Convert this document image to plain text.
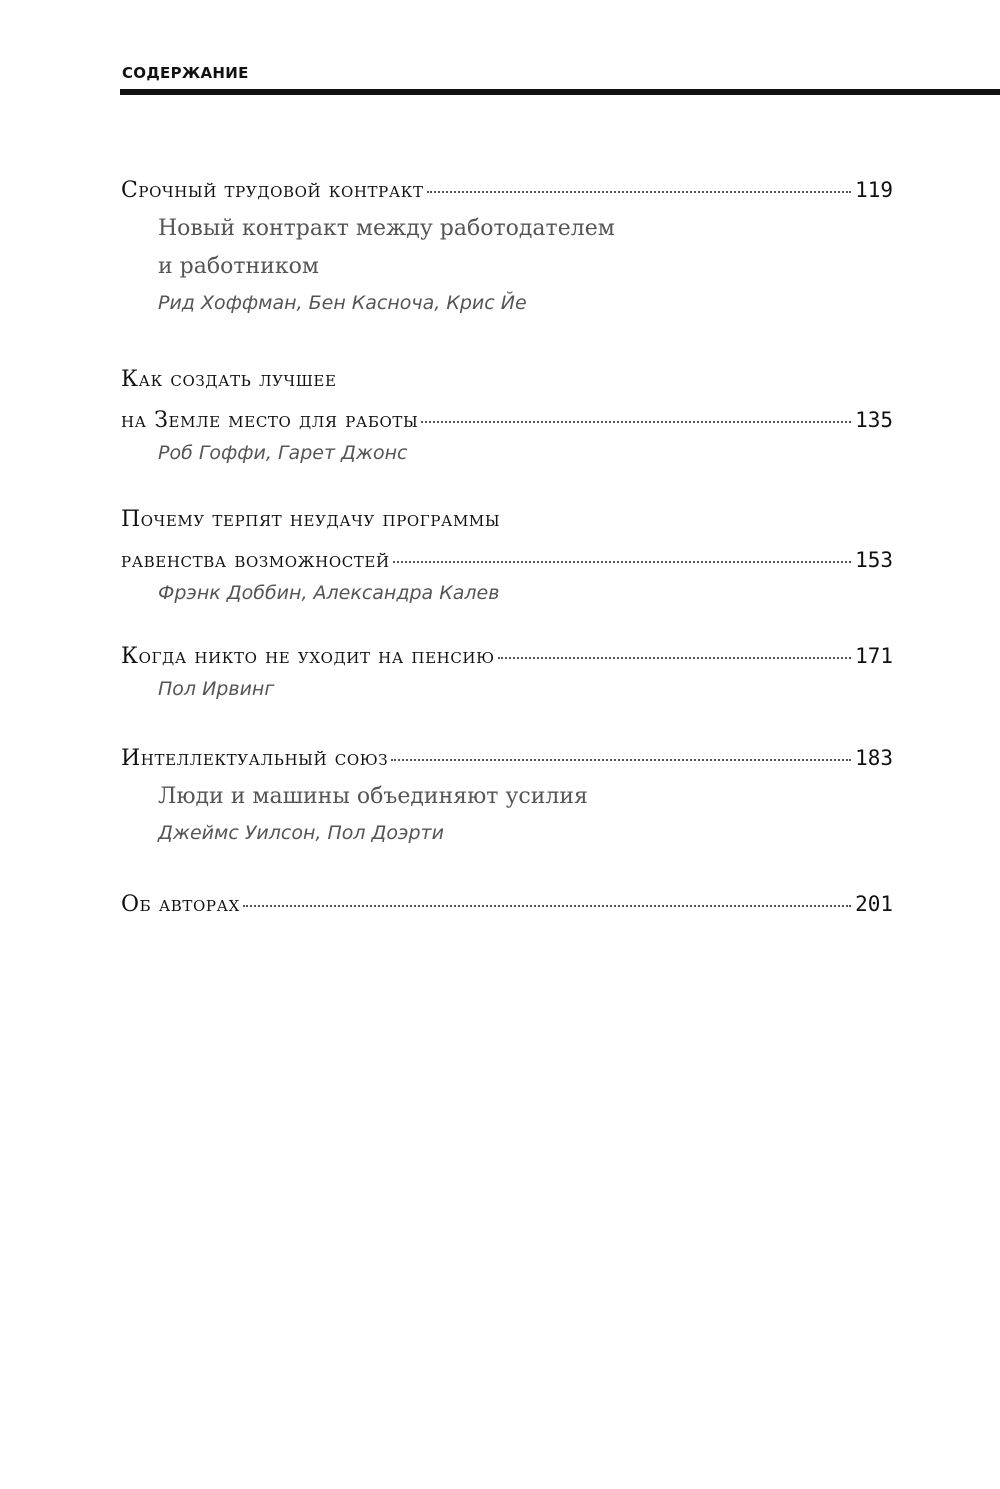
СОДЕРЖАНИЕ
Срочный трудовой контракт	119
Новый контракт между работодателем
и работником
Рид Хоффман, Бен Касноча, Крис Йе
Как создать лучшее
на Земле место для работы	135
Роб Гоффи, Гарет Джонс
Почему терпят неудачу программы
равенства возможностей	153
Фрэнк Доббин, Александра Калев
Когда никто не уходит на пенсию	171
Пол Ирвинг
Интеллектуальный союз	183
Люди и машины объединяют усилия
Джеймс Уилсон, Пол Доэрти
Об авторах	201
